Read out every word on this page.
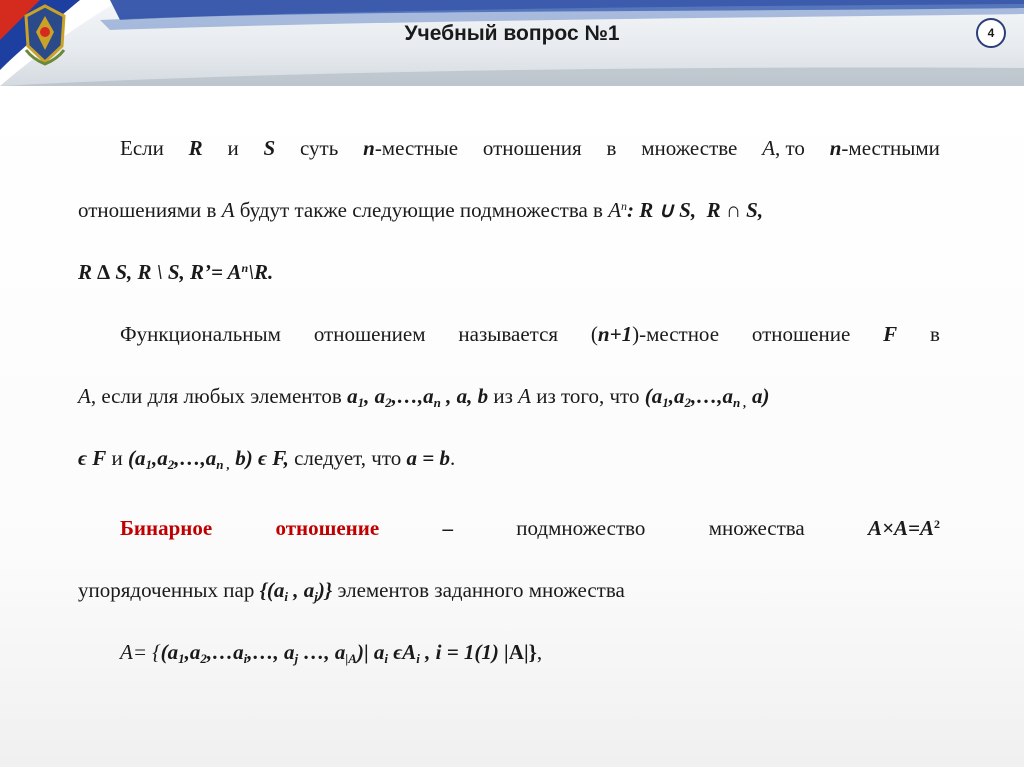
Учебный вопрос №1	4
Если R и S суть n-местные отношения в множестве A, то n-местными
отношениями в A будут также следующие подмножества в $A^n$: R ∪ S,  R ∩ S,
R ∆ S, R \ S, R’= $A^n\backslash R$.
Функциональным отношением называется (n+1)-местное отношение F в
A, если для любых элементов $a_1$, $a_2,\dots,a_n$ , a, b из A из того, что ($a_1,a_2,\dots,a_{n ,}$ a)
ϵ F и ($a_1,a_2,\dots,a_{n ,}$ b) ϵ F, следует, что a = b.
Бинарное	отношение	–	подмножество	множества	$A\times A=A^2$
упорядоченных пар {($a_i$ , $a_j$)} элементов заданного множества
$A= \{(a_1,a_2,\dots a_i,\dots$, $a_j$ …, $a_{|A})|$ $a_i$ $\epsilon A_i$ , i = 1(1) |A|},
